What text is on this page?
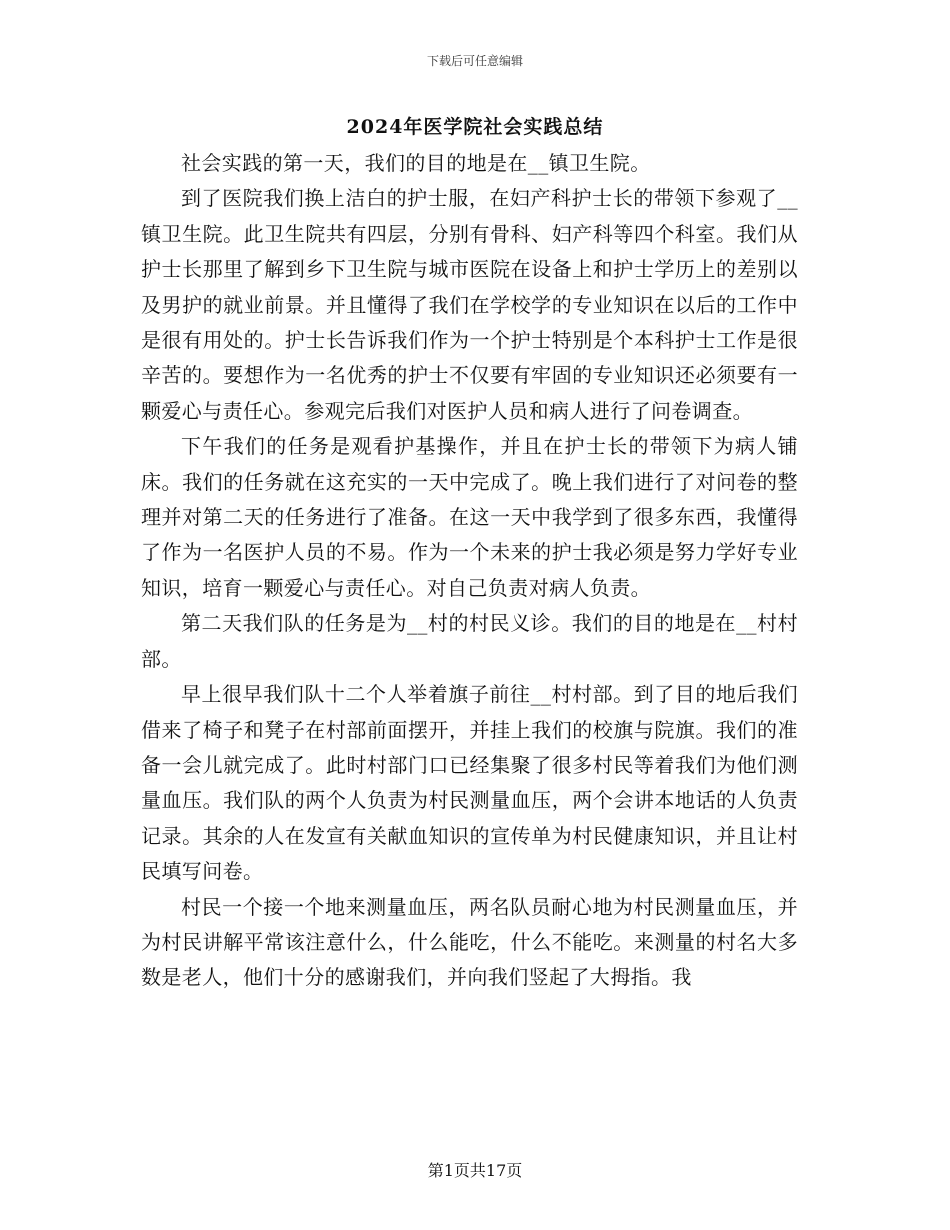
下载后可任意编辑
2024年医学院社会实践总结

社会实践的第一天，我们的目的地是在__镇卫生院。

到了医院我们换上洁白的护士服，在妇产科护士长的带领下参观了__镇卫生院。此卫生院共有四层，分别有骨科、妇产科等四个科室。我们从护士长那里了解到乡下卫生院与城市医院在设备上和护士学历上的差别以及男护的就业前景。并且懂得了我们在学校学的专业知识在以后的工作中是很有用处的。护士长告诉我们作为一个护士特别是个本科护士工作是很辛苦的。要想作为一名优秀的护士不仅要有牢固的专业知识还必须要有一颗爱心与责任心。参观完后我们对医护人员和病人进行了问卷调查。

下午我们的任务是观看护基操作，并且在护士长的带领下为病人铺床。我们的任务就在这充实的一天中完成了。晚上我们进行了对问卷的整理并对第二天的任务进行了准备。在这一天中我学到了很多东西，我懂得了作为一名医护人员的不易。作为一个未来的护士我必须是努力学好专业知识，培育一颗爱心与责任心。对自己负责对病人负责。

第二天我们队的任务是为__村的村民义诊。我们的目的地是在__村村部。

早上很早我们队十二个人举着旗子前往__村村部。到了目的地后我们借来了椅子和凳子在村部前面摆开，并挂上我们的校旗与院旗。我们的准备一会儿就完成了。此时村部门口已经集聚了很多村民等着我们为他们测量血压。我们队的两个人负责为村民测量血压，两个会讲本地话的人负责记录。其余的人在发宣有关献血知识的宣传单为村民健康知识，并且让村民填写问卷。

村民一个接一个地来测量血压，两名队员耐心地为村民测量血压，并为村民讲解平常该注意什么，什么能吃，什么不能吃。来测量的村名大多数是老人，他们十分的感谢我们，并向我们竖起了大拇指。我

第1页共17页
